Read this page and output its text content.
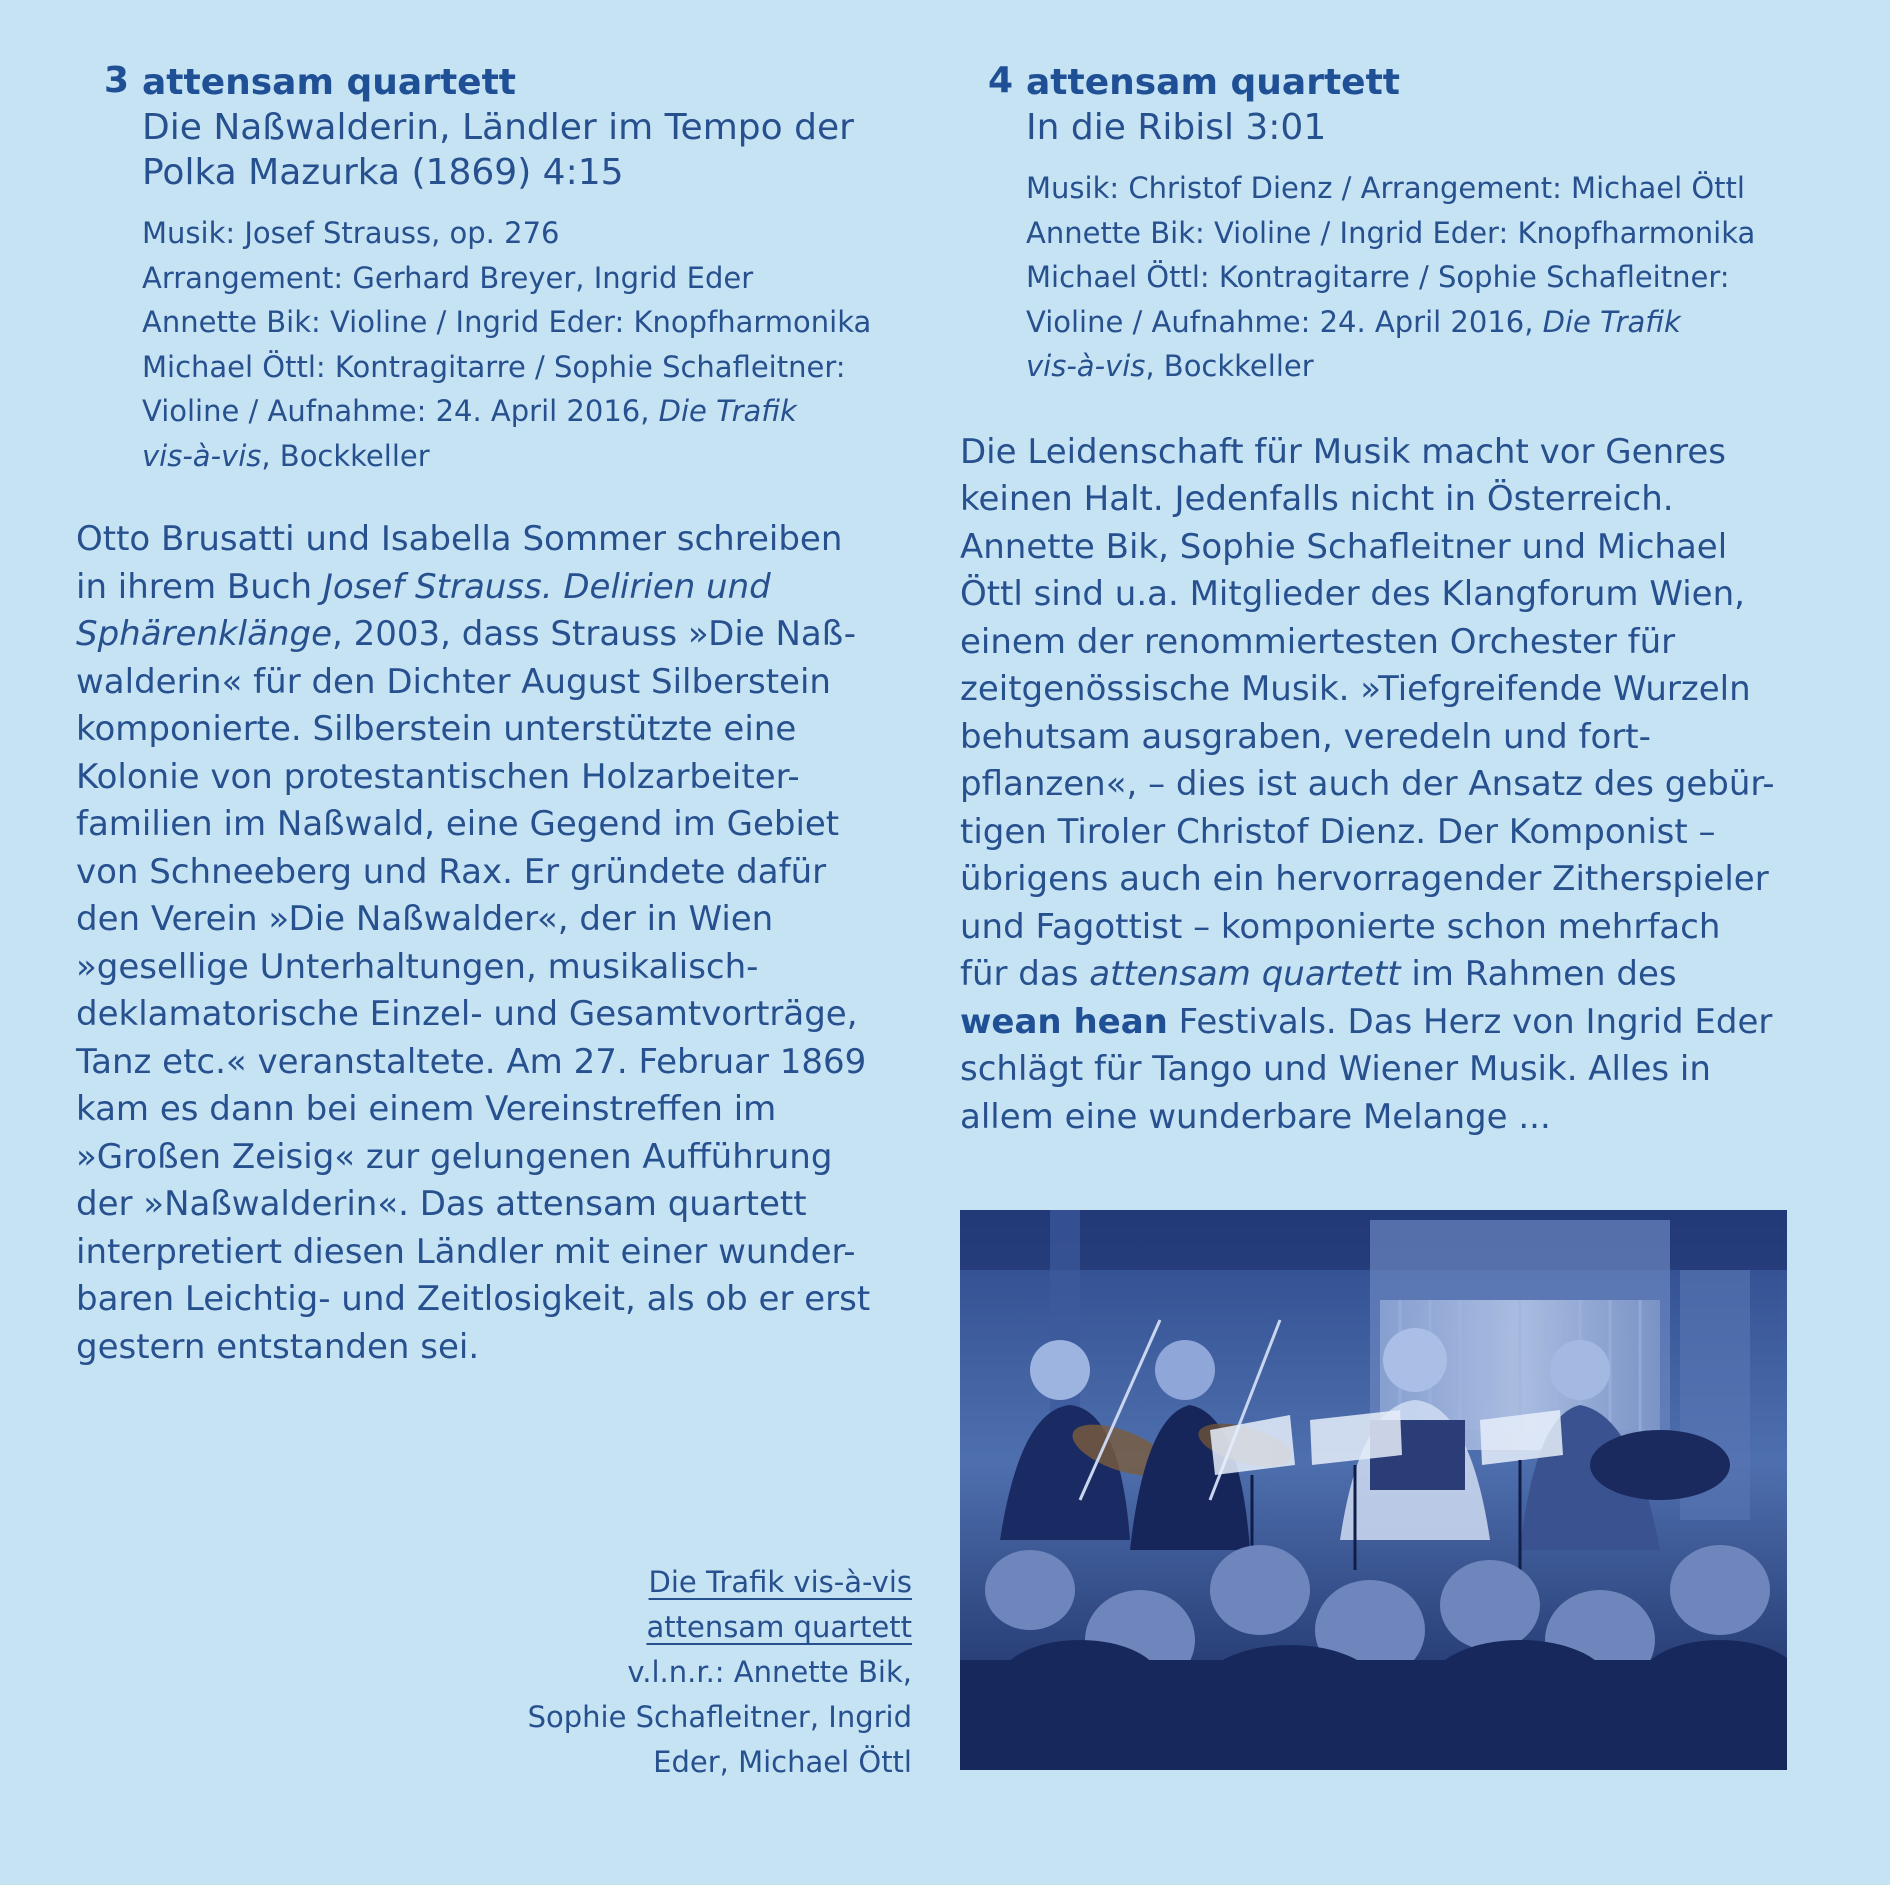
3 attensam quartett
Die Naßwalderin, Ländler im Tempo der
Polka Mazurka (1869) 4:15

Musik: Josef Strauss, op. 276

Arrangement: Gerhard Breyer, Ingrid Eder

Annette Bik: Violine / Ingrid Eder: Knopfharmonika

Michael Öttl: Kontragitarre / Sophie Schafleitner:

Violine / Aufnahme: 24. April 2016, Die Trafik

vis-à-vis, Bockkeller

Otto Brusatti und Isabella Sommer schreiben

in ihrem Buch Josef Strauss. Delirien und

Sphärenklänge, 2003, dass Strauss »Die Naß-

walderin« für den Dichter August Silberstein

komponierte. Silberstein unterstützte eine

Kolonie von protestantischen Holzarbeiter-

familien im Naßwald, eine Gegend im Gebiet

von Schneeberg und Rax. Er gründete dafür

den Verein »Die Naßwalder«, der in Wien

»gesellige Unterhaltungen, musikalisch-

deklamatorische Einzel- und Gesamtvorträge,

Tanz etc.« veranstaltete. Am 27. Februar 1869

kam es dann bei einem Vereinstreffen im

»Großen Zeisig« zur gelungenen Aufführung

der »Naßwalderin«. Das attensam quartett

interpretiert diesen Ländler mit einer wunder-

baren Leichtig- und Zeitlosigkeit, als ob er erst

gestern entstanden sei.

Die Trafik vis-à-vis

attensam quartett

v.l.n.r.: Annette Bik,

Sophie Schafleitner, Ingrid

Eder, Michael Öttl

4 attensam quartett
In die Ribisl 3:01

Musik: Christof Dienz / Arrangement: Michael Öttl

Annette Bik: Violine / Ingrid Eder: Knopfharmonika

Michael Öttl: Kontragitarre / Sophie Schafleitner:

Violine / Aufnahme: 24. April 2016, Die Trafik

vis-à-vis, Bockkeller

Die Leidenschaft für Musik macht vor Genres

keinen Halt. Jedenfalls nicht in Österreich.

Annette Bik, Sophie Schafleitner und Michael

Öttl sind u.a. Mitglieder des Klangforum Wien,

einem der renommiertesten Orchester für

zeitgenössische Musik. »Tiefgreifende Wurzeln

behutsam ausgraben, veredeln und fort-

pflanzen«, – dies ist auch der Ansatz des gebür-

tigen Tiroler Christof Dienz. Der Komponist –

übrigens auch ein hervorragender Zitherspieler

und Fagottist – komponierte schon mehrfach

für das attensam quartett im Rahmen des

wean hean Festivals. Das Herz von Ingrid Eder

schlägt für Tango und Wiener Musik. Alles in

allem eine wunderbare Melange ...
